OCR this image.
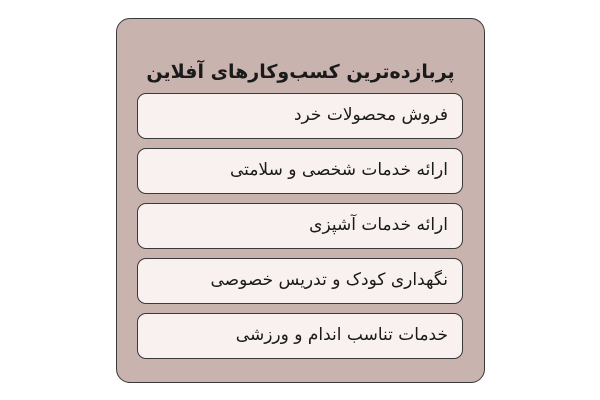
پربازده‌ترین کسب‌وکارهای آفلاین
فروش محصولات خرد
ارائه خدمات شخصی و سلامتی
ارائه خدمات آشپزی
نگهداری کودک و تدریس خصوصی
خدمات تناسب اندام و ورزشی
